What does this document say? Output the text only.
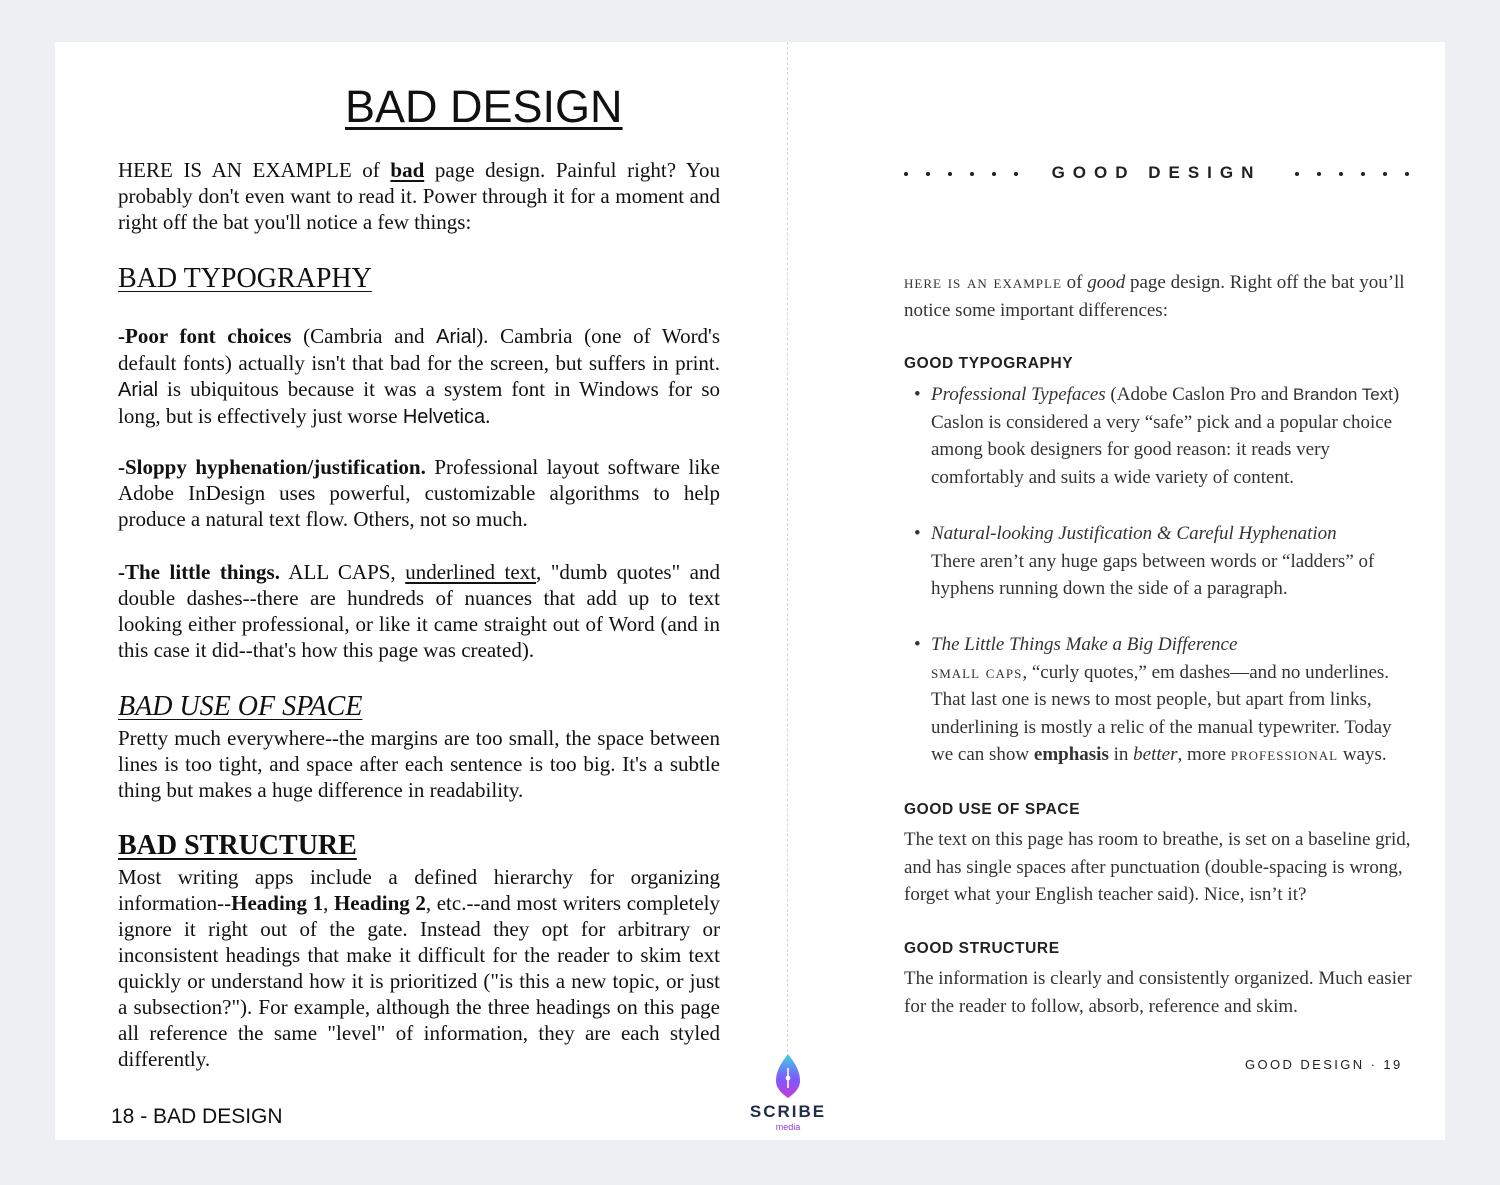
BAD DESIGN

HERE IS AN EXAMPLE of bad page design. Painful right? You probably don't even want to read it. Power through it for a moment and right off the bat you'll notice a few things:

BAD TYPOGRAPHY

-Poor font choices (Cambria and Arial). Cambria (one of Word's default fonts) actually isn't that bad for the screen, but suffers in print. Arial is ubiquitous because it was a system font in Windows for so long, but is effectively just worse Helvetica.

-Sloppy hyphenation/justification. Professional layout software like Adobe InDesign uses powerful, customizable algorithms to help produce a natural text flow. Others, not so much.

-The little things. ALL CAPS, underlined text, "dumb quotes" and double dashes--there are hundreds of nuances that add up to text looking either professional, or like it came straight out of Word (and in this case it did--that's how this page was created).

BAD USE OF SPACE

Pretty much everywhere--the margins are too small, the space between lines is too tight, and space after each sentence is too big. It's a subtle thing but makes a huge difference in readability.

BAD STRUCTURE

Most writing apps include a defined hierarchy for organizing information--Heading 1, Heading 2, etc.--and most writers completely ignore it right out of the gate. Instead they opt for arbitrary or inconsistent headings that make it difficult for the reader to skim text quickly or understand how it is prioritized ("is this a new topic, or just a subsection?"). For example, although the three headings on this page all reference the same "level" of information, they are each styled differently.

18 - BAD DESIGN
GOOD DESIGN

here is an example of good page design. Right off the bat you’ll notice some important differences:

GOOD TYPOGRAPHY
• Professional Typefaces (Adobe Caslon Pro and Brandon Text)
Caslon is considered a very “safe” pick and a popular choice among book designers for good reason: it reads very comfortably and suits a wide variety of content.
• Natural-looking Justification & Careful Hyphenation
There aren’t any huge gaps between words or “ladders” of hyphens running down the side of a paragraph.
• The Little Things Make a Big Difference
small caps, “curly quotes,” em dashes—and no underlines. That last one is news to most people, but apart from links, underlining is mostly a relic of the manual typewriter. Today we can show emphasis in better, more professional ways.
GOOD USE OF SPACE

The text on this page has room to breathe, is set on a baseline grid, and has single spaces after punctuation (double-spacing is wrong, forget what your English teacher said). Nice, isn’t it?

GOOD STRUCTURE

The information is clearly and consistently organized. Much easier for the reader to follow, absorb, reference and skim.

GOOD DESIGN · 19
SCRIBE
media
